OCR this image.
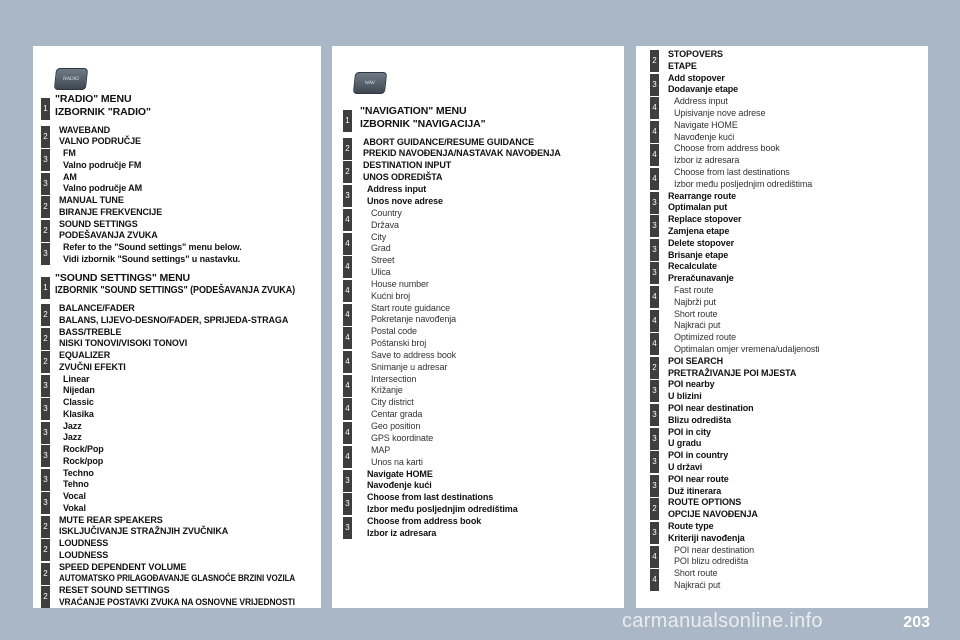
RADIO
1
"RADIO" MENU
IZBORNIK "RADIO"
2
WAVEBAND
VALNO PODRUČJE
3
FM
Valno područje FM
3
AM
Valno područje AM
2
MANUAL TUNE
BIRANJE FREKVENCIJE
2
SOUND SETTINGS
PODEŠAVANJA ZVUKA
3
Refer to the "Sound settings" menu below.
Vidi izbornik "Sound settings" u nastavku.
1
"SOUND SETTINGS" MENU
IZBORNIK "SOUND SETTINGS" (PODEŠAVANJA ZVUKA)
2
BALANCE/FADER
BALANS, LIJEVO-DESNO/FADER, SPRIJEDA-STRAGA
2
BASS/TREBLE
NISKI TONOVI/VISOKI TONOVI
2
EQUALIZER
ZVUČNI EFEKTI
3
Linear
Nijedan
3
Classic
Klasika
3
Jazz
Jazz
3
Rock/Pop
Rock/pop
3
Techno
Tehno
3
Vocal
Vokal
2
MUTE REAR SPEAKERS
ISKLJUČIVANJE STRAŽNJIH ZVUČNIKA
2
LOUDNESS
LOUDNESS
2
SPEED DEPENDENT VOLUME
AUTOMATSKO PRILAGOĐAVANJE GLASNOĆE BRZINI VOZILA
2
RESET SOUND SETTINGS
VRAĆANJE POSTAVKI ZVUKA NA OSNOVNE VRIJEDNOSTI
NAV
1
"NAVIGATION" MENU
IZBORNIK "NAVIGACIJA"
2
ABORT GUIDANCE/RESUME GUIDANCE
PREKID NAVOĐENJA/NASTAVAK NAVOĐENJA
2
DESTINATION INPUT
UNOS ODREDIŠTA
3
Address input
Unos nove adrese
4
Country
Država
4
City
Grad
4
Street
Ulica
4
House number
Kućni broj
4
Start route guidance
Pokretanje navođenja
4
Postal code
Poštanski broj
4
Save to address book
Snimanje u adresar
4
Intersection
Križanje
4
City district
Centar grada
4
Geo position
GPS koordinate
4
MAP
Unos na karti
3
Navigate HOME
Navođenje kući
3
Choose from last destinations
Izbor među posljednjim odredištima
3
Choose from address book
Izbor iz adresara
2
STOPOVERS
ETAPE
3
Add stopover
Dodavanje etape
4
Address input
Upisivanje nove adrese
4
Navigate HOME
Navođenje kući
4
Choose from address book
Izbor iz adresara
4
Choose from last destinations
Izbor među posljednjim odredištima
3
Rearrange route
Optimalan put
3
Replace stopover
Zamjena etape
3
Delete stopover
Brisanje etape
3
Recalculate
Preračunavanje
4
Fast route
Najbrži put
4
Short route
Najkraći put
4
Optimized route
Optimalan omjer vremena/udaljenosti
2
POI SEARCH
PRETRAŽIVANJE POI MJESTA
3
POI nearby
U blizini
3
POI near destination
Blizu odredišta
3
POI in city
U gradu
3
POI in country
U državi
3
POI near route
Duž itinerara
2
ROUTE OPTIONS
OPCIJE NAVOĐENJA
3
Route type
Kriteriji navođenja
4
POI near destination
POI blizu odredišta
4
Short route
Najkraći put
203
carmanualsonline.info
